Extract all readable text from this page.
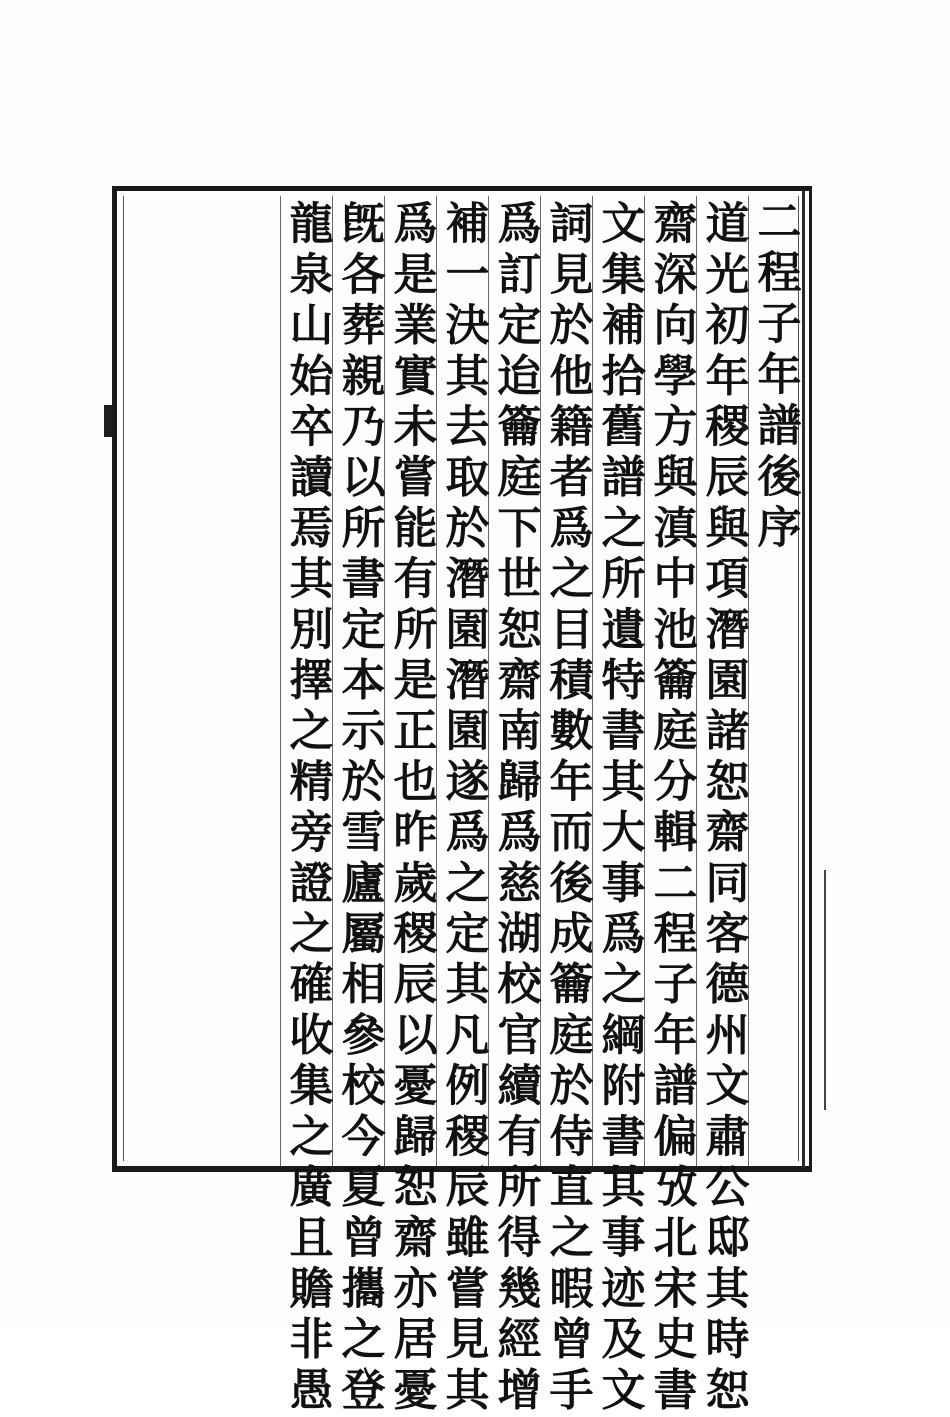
二程子年譜後序
道光初年稷辰與項潛園諸恕齋同客德州文肅公邸其時恕
齋深向學方與滇中池籥庭分輯二程子年譜偏攷北宋史書
文集補拾舊譜之所遺特書其大事爲之綱附書其事迹及文
詞見於他籍者爲之目積數年而後成籥庭於侍直之暇曾手
爲訂定迨籥庭下世恕齋南歸爲慈湖校官續有所得幾經增
補一決其去取於潛園潛園遂爲之定其凡例稷辰雖嘗見其
爲是業實未嘗能有所是正也昨歲稷辰以憂歸恕齋亦居憂
旣各葬親乃以所書定本示於雪廬屬相參校今夏曾攜之登
龍泉山始卒讀焉其別擇之精旁證之確收集之廣且贍非愚
